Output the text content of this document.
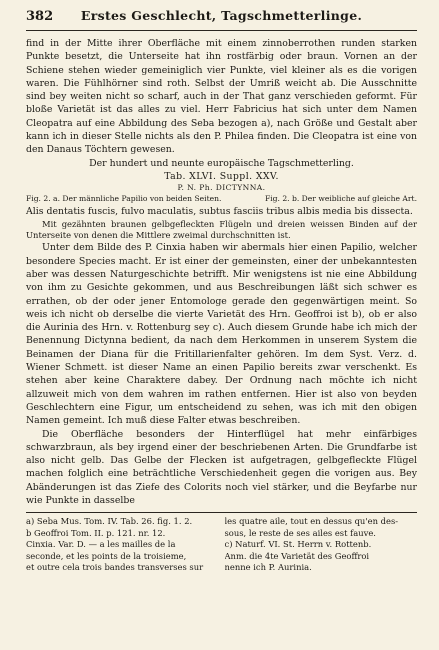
382	Erstes Geschlecht, Tagschmetterlinge.

find in der Mitte ihrer Oberfläche mit einem zinnoberrothen runden starken Punkte besetzt, die Unterseite hat ihn rostfärbig oder braun. Vornen an der Schiene stehen wieder gemeiniglich vier Punkte, viel kleiner als es die vorigen waren. Die Fühlhörner sind roth. Selbst der Umriß weicht ab. Die Ausschnitte sind bey weiten nicht so scharf, auch in der That ganz verschieden geformt. Für bloße Varietät ist das alles zu viel. Herr Fabricius hat sich unter dem Namen Cleopatra auf eine Abbildung des Seba bezogen a), nach Größe und Gestalt aber kann ich in dieser Stelle nichts als den P. Philea finden. Die Cleopatra ist eine von den Danaus Töchtern gewesen.

Der hundert und neunte europäische Tagschmetterling.

Tab. XLVI. Suppl. XXV.

P. N. Ph. DICTYNNA.

Fig. 2. a. Der männliche Papilio von beiden Seiten.	Fig. 2. b. Der weibliche auf gleiche Art.

Alis dentatis fuscis, fulvo maculatis, subtus fasciis tribus albis media bis dissecta.

Mit gezähnten braunen gelbgefleckten Flügeln und dreien weissen Binden auf der Unterseite von denen die Mittlere zweimal durchschnitten ist.

Unter dem Bilde des P. Cinxia haben wir abermals hier einen Papilio, welcher besondere Species macht. Er ist einer der gemeinsten, einer der unbekanntesten aber was dessen Naturgeschichte betrifft. Mir wenigstens ist nie eine Abbildung von ihm zu Gesichte gekommen, und aus Beschreibungen läßt sich schwer es errathen, ob der oder jener Entomologe gerade den gegenwärtigen meint. So weis ich nicht ob derselbe die vierte Varietät des Hrn. Geoffroi ist b), ob er also die Aurinia des Hrn. v. Rottenburg sey c). Auch diesem Grunde habe ich mich der Benennung Dictynna bedient, da nach dem Herkommen in unserem System die Beinamen der Diana für die Fritillarienfalter gehören. Im dem Syst. Verz. d. Wiener Schmett. ist dieser Name an einen Papilio bereits zwar verschenkt. Es stehen aber keine Charaktere dabey. Der Ordnung nach möchte ich nicht allzuweit mich von dem wahren im rathen entfernen. Hier ist also von beyden Geschlechtern eine Figur, um entscheidend zu sehen, was ich mit den obigen Namen gemeint. Ich muß diese Falter etwas beschreiben.

Die Oberfläche besonders der Hinterflügel hat mehr einfärbiges schwarzbraun, als bey irgend einer der beschriebenen Arten. Die Grundfarbe ist also nicht gelb. Das Gelbe der Flecken ist aufgetragen, gelbgefleckte Flügel machen folglich eine beträchtliche Verschiedenheit gegen die vorigen aus. Bey Abänderungen ist das Ziefe des Colorits noch viel stärker, und die Beyfarbe nur wie Punkte in dasselbe

a) Seba Mus. Tom. IV. Tab. 26. fig. 1. 2.
b Geoffroi Tom. II. p. 121. nr. 12.
Cinxia. Var. D. — a les mailles de la
seconde, et les points de la troisieme,
et outre cela trois bandes transverses sur
les quatre aile, tout en dessus qu'en des-
sous, le reste de ses ailes est fauve.
c) Naturf. VI. St. Herrn v. Rottenb.
Anm. die 4te Varietät des Geoffroi
nenne ich P. Aurinia.
